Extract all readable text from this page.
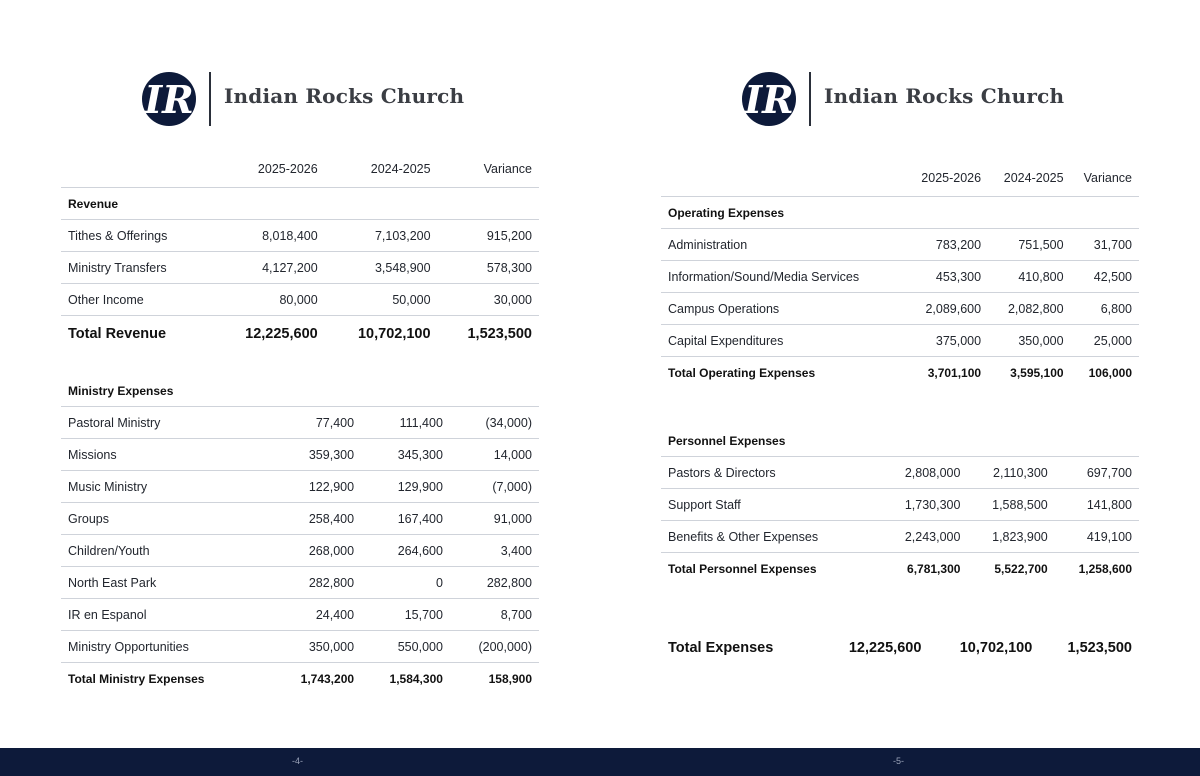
IR Indian Rocks Church
	2025-2026	2024-2025	Variance
Revenue			
Tithes & Offerings	8,018,400	7,103,200	915,200
Ministry Transfers	4,127,200	3,548,900	578,300
Other Income	80,000	50,000	30,000
Total Revenue	12,225,600	10,702,100	1,523,500
Ministry Expenses			
Pastoral Ministry	77,400	111,400	(34,000)
Missions	359,300	345,300	14,000
Music Ministry	122,900	129,900	(7,000)
Groups	258,400	167,400	91,000
Children/Youth	268,000	264,600	3,400
North East Park	282,800	0	282,800
IR en Espanol	24,400	15,700	8,700
Ministry Opportunities	350,000	550,000	(200,000)
Total Ministry Expenses	1,743,200	1,584,300	158,900
IR Indian Rocks Church
	2025-2026	2024-2025	Variance
Operating Expenses			
Administration	783,200	751,500	31,700
Information/Sound/Media Services	453,300	410,800	42,500
Campus Operations	2,089,600	2,082,800	6,800
Capital Expenditures	375,000	350,000	25,000
Total Operating Expenses	3,701,100	3,595,100	106,000
Personnel Expenses			
Pastors & Directors	2,808,000	2,110,300	697,700
Support Staff	1,730,300	1,588,500	141,800
Benefits & Other Expenses	2,243,000	1,823,900	419,100
Total Personnel Expenses	6,781,300	5,522,700	1,258,600
Total Expenses	12,225,600	10,702,100	1,523,500
-4-	-5-
